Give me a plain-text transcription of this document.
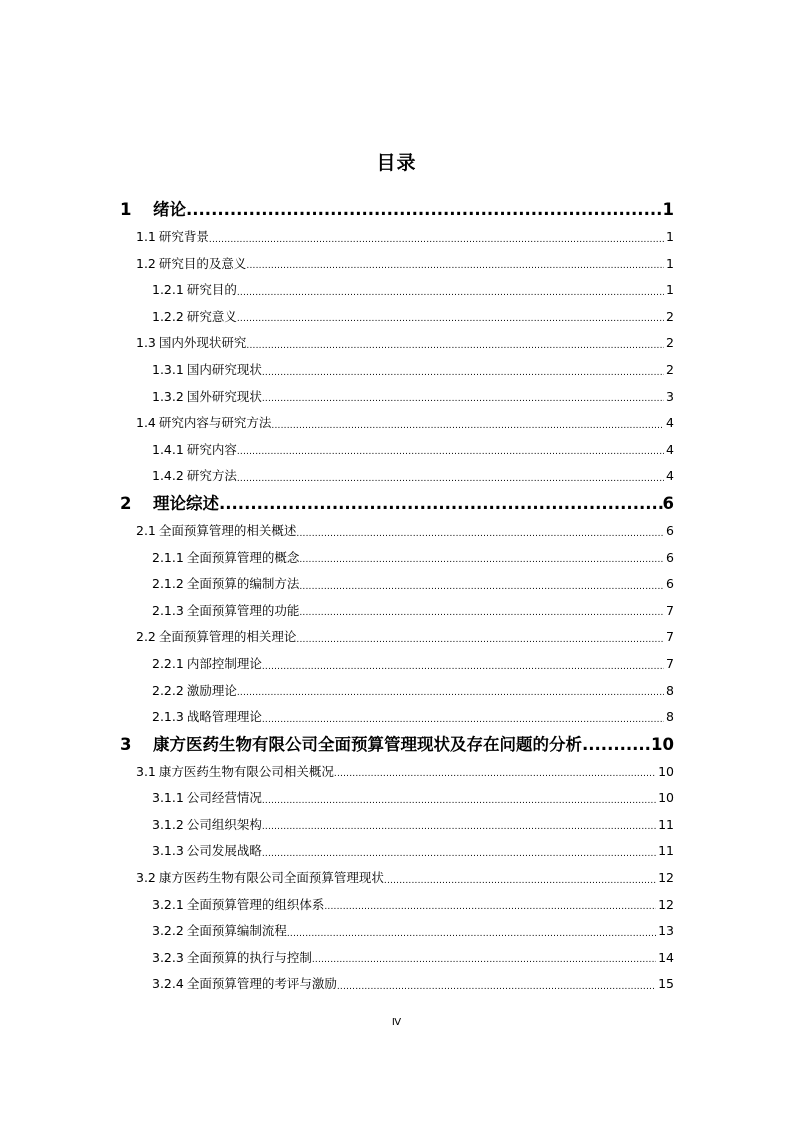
目录
1	绪论 .....	1
1.1 研究背景 .....	1
1.2 研究目的及意义 .....	1
1.2.1 研究目的 .....	1
1.2.2 研究意义 .....	2
1.3 国内外现状研究 .....	2
1.3.1 国内研究现状 .....	2
1.3.2 国外研究现状 .....	3
1.4 研究内容与研究方法 .....	4
1.4.1 研究内容 .....	4
1.4.2 研究方法 .....	4
2	理论综述 .....	6
2.1 全面预算管理的相关概述 .....	6
2.1.1 全面预算管理的概念 .....	6
2.1.2 全面预算的编制方法 .....	6
2.1.3 全面预算管理的功能 .....	7
2.2 全面预算管理的相关理论 .....	7
2.2.1 内部控制理论 .....	7
2.2.2 激励理论 .....	8
2.1.3 战略管理理论 .....	8
3	康方医药生物有限公司全面预算管理现状及存在问题的分析 .....	10
3.1 康方医药生物有限公司相关概况 .....	10
3.1.1 公司经营情况 .....	10
3.1.2 公司组织架构 .....	11
3.1.3 公司发展战略 .....	11
3.2 康方医药生物有限公司全面预算管理现状 .....	12
3.2.1 全面预算管理的组织体系 .....	12
3.2.2 全面预算编制流程 .....	13
3.2.3 全面预算的执行与控制 .....	14
3.2.4 全面预算管理的考评与激励 .....	15
Ⅳ
